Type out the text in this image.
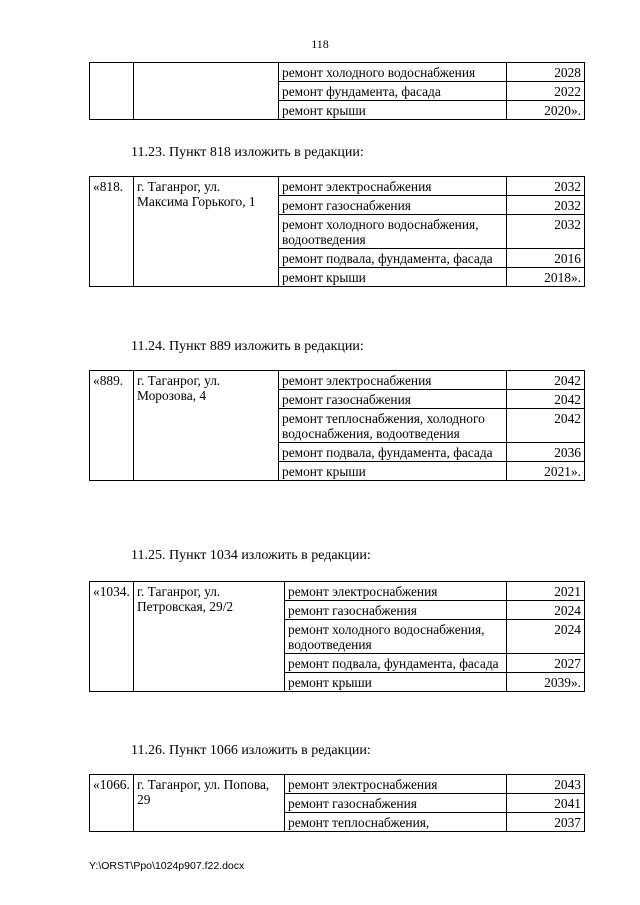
118
		ремонт холодного водоснабжения	2028
		ремонт фундамента, фасада	2022
		ремонт крыши	2020».
11.23. Пункт 818 изложить в редакции:
«818.	г. Таганрог, ул. Максима Горького, 1	ремонт электроснабжения	2032
		ремонт газоснабжения	2032
		ремонт холодного водоснабжения, водоотведения	2032
		ремонт подвала, фундамента, фасада	2016
		ремонт крыши	2018».
11.24. Пункт 889 изложить в редакции:
«889.	г. Таганрог, ул. Морозова, 4	ремонт электроснабжения	2042
		ремонт газоснабжения	2042
		ремонт теплоснабжения, холодного водоснабжения, водоотведения	2042
		ремонт подвала, фундамента, фасада	2036
		ремонт крыши	2021».
11.25. Пункт 1034 изложить в редакции:
«1034.	г. Таганрог, ул. Петровская, 29/2	ремонт электроснабжения	2021
		ремонт газоснабжения	2024
		ремонт холодного водоснабжения, водоотведения	2024
		ремонт подвала, фундамента, фасада	2027
		ремонт крыши	2039».
11.26. Пункт 1066 изложить в редакции:
«1066.	г. Таганрог, ул. Попова, 29	ремонт электроснабжения	2043
		ремонт газоснабжения	2041
		ремонт теплоснабжения,	2037
Y:\ORST\Ppo\1024p907.f22.docx
